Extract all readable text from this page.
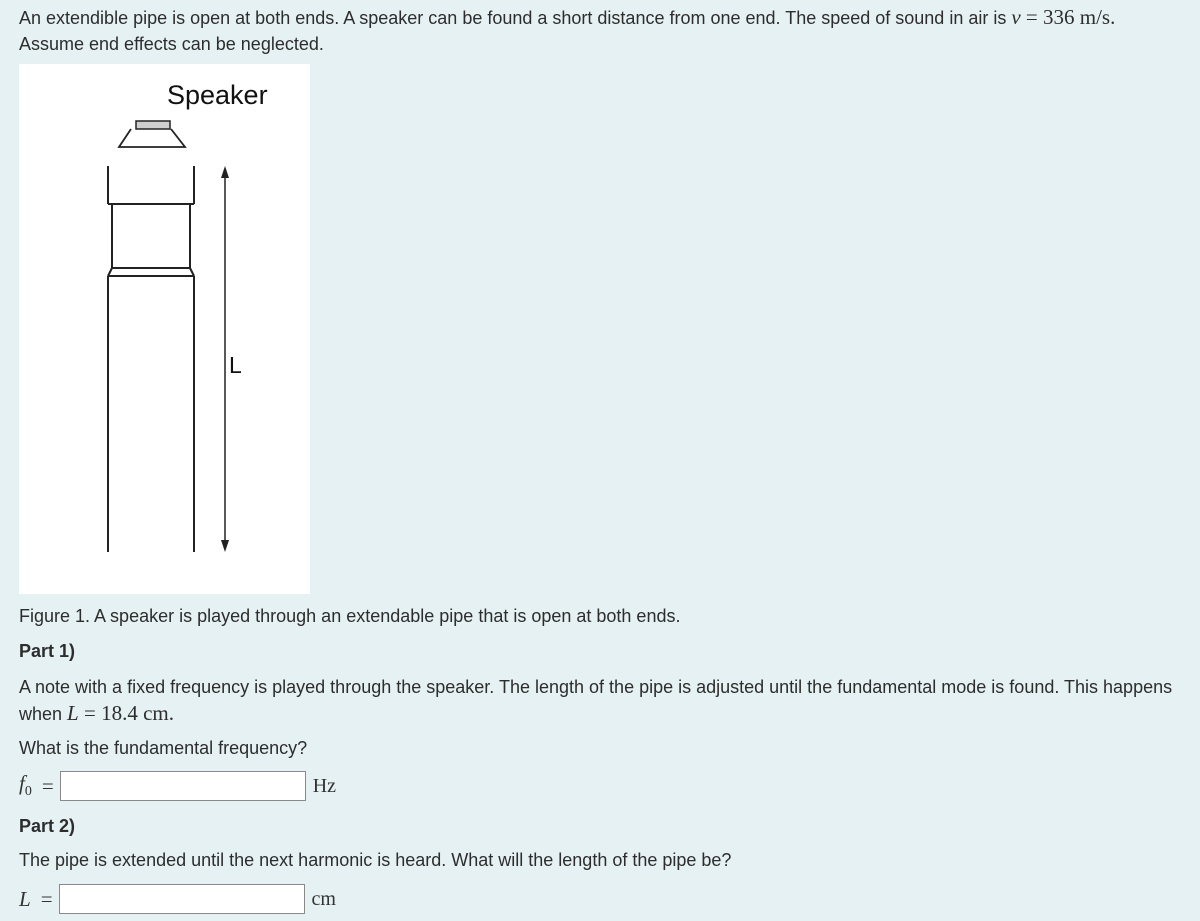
An extendible pipe is open at both ends. A speaker can be found a short distance from one end. The speed of sound in air is v = 336 m/s. Assume end effects can be neglected.

Speaker
L

Figure 1. A speaker is played through an extendable pipe that is open at both ends.

Part 1)

A note with a fixed frequency is played through the speaker. The length of the pipe is adjusted until the fundamental mode is found. This happens when L = 18.4 cm.

What is the fundamental frequency?

$f_0$ =	Hz

Part 2)

The pipe is extended until the next harmonic is heard. What will the length of the pipe be?

L =	cm
